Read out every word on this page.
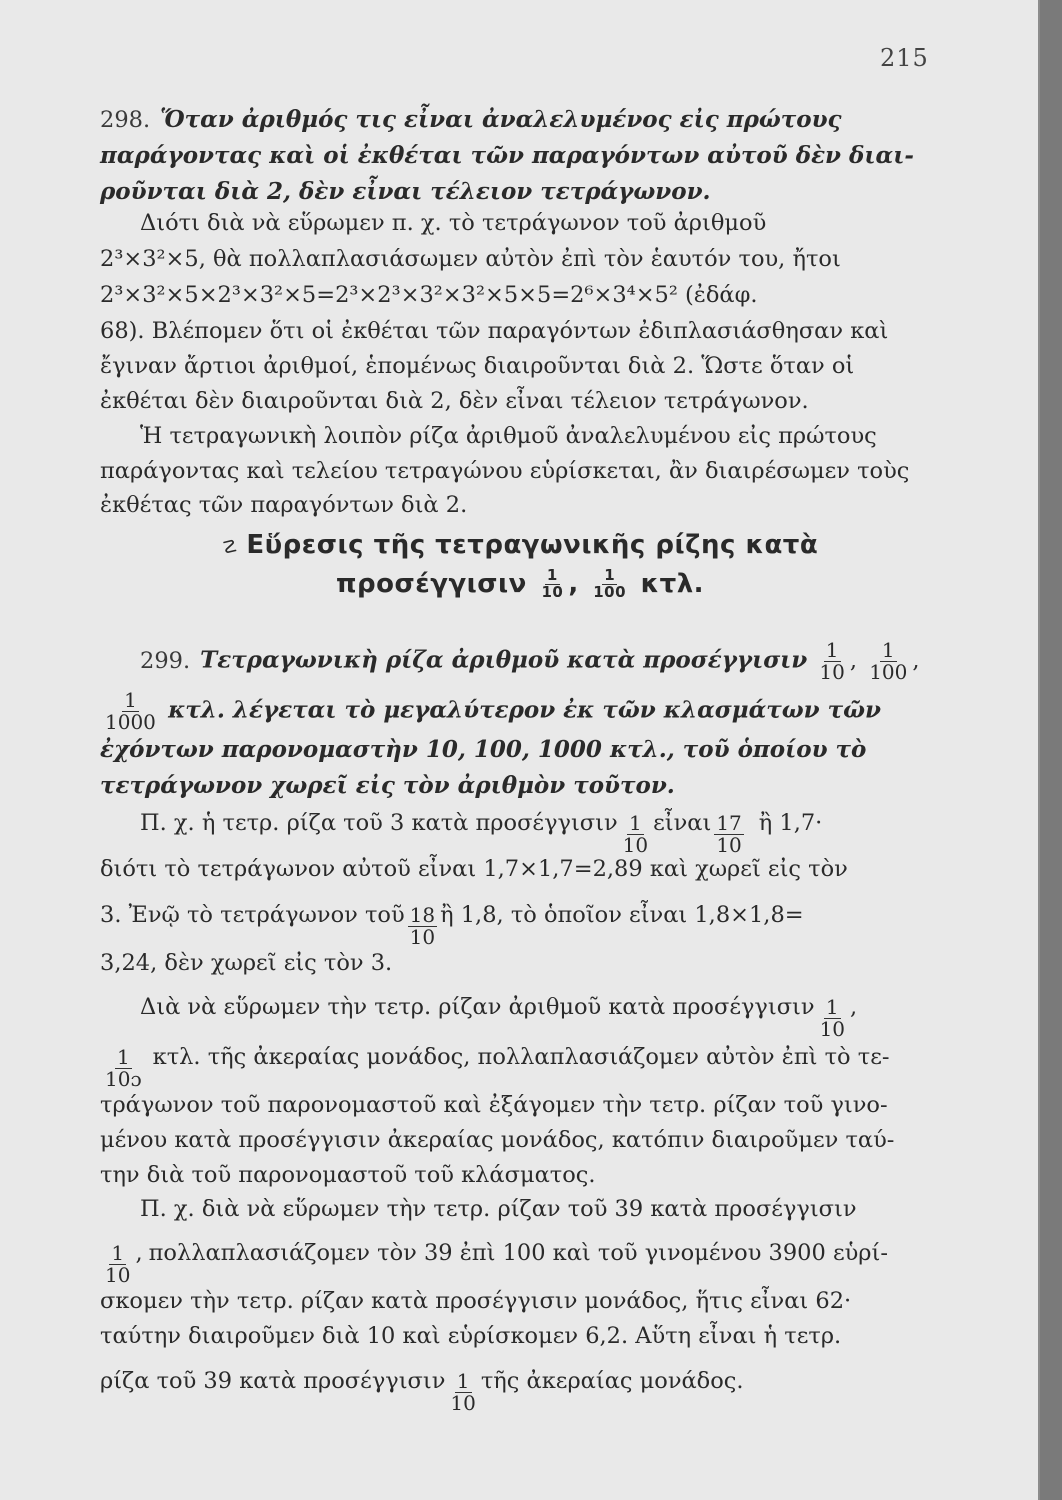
215
298. Ὅταν ἀριθμός τις εἶναι ἀναλελυμένος εἰς πρώτους
παράγοντας καὶ οἱ ἐκθέται τῶν παραγόντων αὐτοῦ δὲν διαι-
ροῦνται διὰ 2, δὲν εἶναι τέλειον τετράγωνον.
Διότι διὰ νὰ εὕρωμεν π. χ. τὸ τετράγωνον τοῦ ἀριθμοῦ
2³×3²×5, θὰ πολλαπλασιάσωμεν αὐτὸν ἐπὶ τὸν ἑαυτόν του, ἤτοι
2³×3²×5×2³×3²×5=2³×2³×3²×3²×5×5=2⁶×3⁴×5² (ἐδάφ.
68). Βλέπομεν ὅτι οἱ ἐκθέται τῶν παραγόντων ἐδιπλασιάσθησαν καὶ
ἔγιναν ἄρτιοι ἀριθμοί, ἑπομένως διαιροῦνται διὰ 2. Ὥστε ὅταν οἱ
ἐκθέται δὲν διαιροῦνται διὰ 2, δὲν εἶναι τέλειον τετράγωνον.
Ἡ τετραγωνικὴ λοιπὸν ρίζα ἀριθμοῦ ἀναλελυμένου εἰς πρώτους
παράγοντας καὶ τελείου τετραγώνου εὑρίσκεται, ἂν διαιρέσωμεν τοὺς
ἐκθέτας τῶν παραγόντων διὰ 2.
☡ Εὕρεσις τῆς τετραγωνικῆς ρίζης κατὰ
προσέγγισιν $\frac{1}{10}$ , $\frac{1}{100} \kappa\tau\lambda$.
299. Τετραγωνικὴ ρίζα ἀριθμοῦ κατὰ προσέγγισιν $\frac{1}{10}$ , $\frac{1}{100}$ ,
$\frac{1}{1000} \kappa\tau\lambda$. λέγεται τὸ μεγαλύτερον ἐκ τῶν κλασμάτων τῶν
ἐχόντων παρονομαστὴν 10, 100, 1000 κτλ., τοῦ ὁποίου τὸ
τετράγωνον χωρεῖ εἰς τὸν ἀριθμὸν τοῦτον.
Π. χ. ἡ τετρ. ρίζα τοῦ 3 κατὰ προσέγγισιν $\frac{1}{10}$ εἶναι $\frac{17}{10}$ ἢ 1,7·
διότι τὸ τετράγωνον αὐτοῦ εἶναι 1,7×1,7=2,89 καὶ χωρεῖ εἰς τὸν
3. Ἐνῷ τὸ τετράγωνον τοῦ $\frac{18}{10}$ ἢ 1,8, τὸ ὁποῖον εἶναι 1,8×1,8=
3,24, δὲν χωρεῖ εἰς τὸν 3.
Διὰ νὰ εὕρωμεν τὴν τετρ. ρίζαν ἀριθμοῦ κατὰ προσέγγισιν $\frac{1}{10}$ ,
$\frac{1}{\text{10ɔ}} \kappa\tau\lambda$. τῆς ἀκεραίας μονάδος, πολλαπλασιάζομεν αὐτὸν ἐπὶ τὸ τε-
τράγωνον τοῦ παρονομαστοῦ καὶ ἐξάγομεν τὴν τετρ. ρίζαν τοῦ γινο-
μένου κατὰ προσέγγισιν ἀκεραίας μονάδος, κατόπιν διαιροῦμεν ταύ-
την διὰ τοῦ παρονομαστοῦ τοῦ κλάσματος.
Π. χ. διὰ νὰ εὕρωμεν τὴν τετρ. ρίζαν τοῦ 39 κατὰ προσέγγισιν
$\frac{1}{10}$ , πολλαπλασιάζομεν τὸν 39 ἐπὶ 100 καὶ τοῦ γινομένου 3900 εὑρί-
σκομεν τὴν τετρ. ρίζαν κατὰ προσέγγισιν μονάδος, ἥτις εἶναι 62·
ταύτην διαιροῦμεν διὰ 10 καὶ εὑρίσκομεν 6,2. Αὕτη εἶναι ἡ τετρ.
ρίζα τοῦ 39 κατὰ προσέγγισιν $\frac{1}{10}$ τῆς ἀκεραίας μονάδος.
